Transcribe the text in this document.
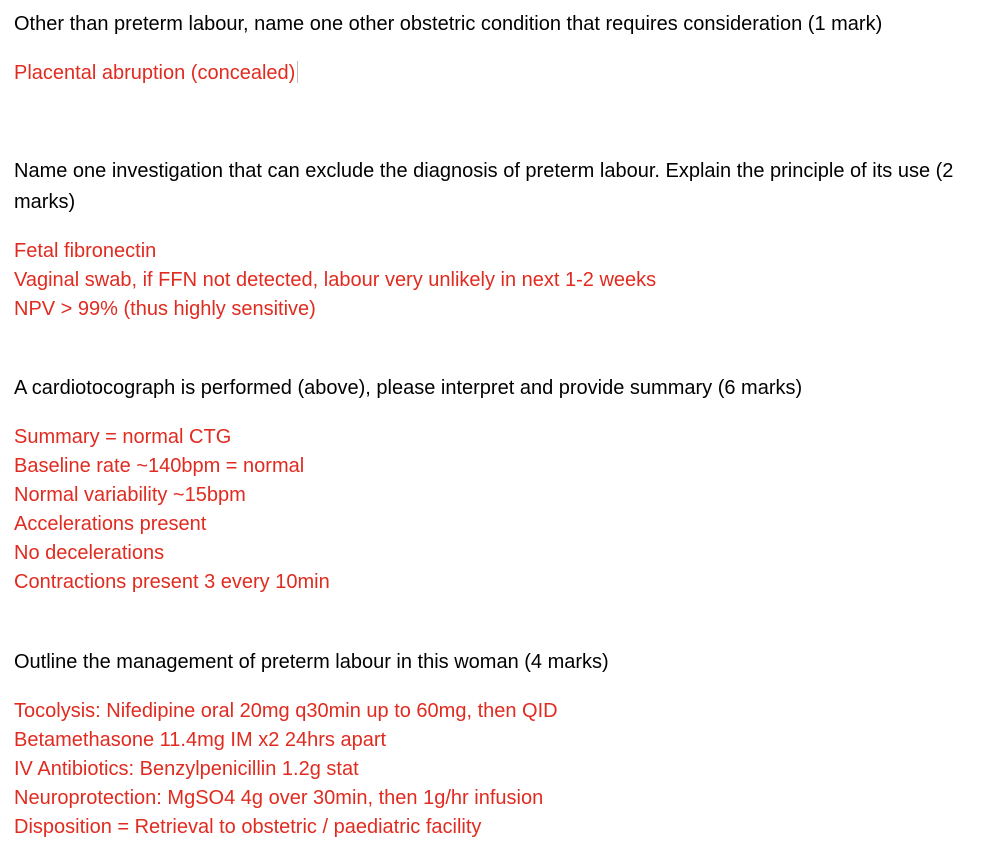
Other than preterm labour, name one other obstetric condition that requires consideration (1 mark)
Placental abruption (concealed)
Name one investigation that can exclude the diagnosis of preterm labour. Explain the principle of its use (2 marks)
Fetal fibronectin
Vaginal swab, if FFN not detected, labour very unlikely in next 1-2 weeks
NPV > 99% (thus highly sensitive)
A cardiotocograph is performed (above), please interpret and provide summary (6 marks)
Summary = normal CTG
Baseline rate ~140bpm = normal
Normal variability ~15bpm
Accelerations present
No decelerations
Contractions present 3 every 10min
Outline the management of preterm labour in this woman (4 marks)
Tocolysis: Nifedipine oral 20mg q30min up to 60mg, then QID
Betamethasone 11.4mg IM x2 24hrs apart
IV Antibiotics: Benzylpenicillin 1.2g stat
Neuroprotection: MgSO4 4g over 30min, then 1g/hr infusion
Disposition = Retrieval to obstetric / paediatric facility
